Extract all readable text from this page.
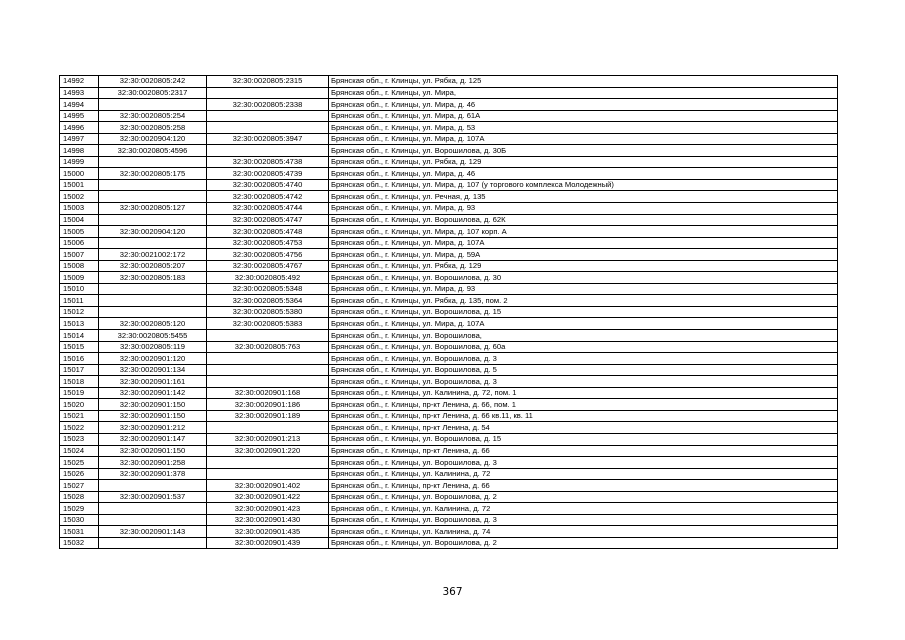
14992	32:30:0020805:242	32:30:0020805:2315	Брянская обл., г. Клинцы, ул. Рябка, д. 125
14993	32:30:0020805:2317		Брянская обл., г. Клинцы, ул. Мира,
14994		32:30:0020805:2338	Брянская обл., г. Клинцы, ул. Мира, д. 46
14995	32:30:0020805:254		Брянская обл., г. Клинцы, ул. Мира, д. 61А
14996	32:30:0020805:258		Брянская обл., г. Клинцы, ул. Мира, д. 53
14997	32:30:0020904:120	32:30:0020805:3947	Брянская обл., г. Клинцы, ул. Мира, д. 107А
14998	32:30:0020805:4596		Брянская обл., г. Клинцы, ул. Ворошилова, д. 30Б
14999		32:30:0020805:4738	Брянская обл., г. Клинцы, ул. Рябка, д. 129
15000	32:30:0020805:175	32:30:0020805:4739	Брянская обл., г. Клинцы, ул. Мира, д. 46
15001		32:30:0020805:4740	Брянская обл., г. Клинцы, ул. Мира, д. 107 (у торгового комплекса Молодежный)
15002		32:30:0020805:4742	Брянская обл., г. Клинцы, ул. Речная, д. 135
15003	32:30:0020805:127	32:30:0020805:4744	Брянская обл., г. Клинцы, ул. Мира, д. 93
15004		32:30:0020805:4747	Брянская обл., г. Клинцы, ул. Ворошилова, д. 62К
15005	32:30:0020904:120	32:30:0020805:4748	Брянская обл., г. Клинцы, ул. Мира, д. 107 корп. А
15006		32:30:0020805:4753	Брянская обл., г. Клинцы, ул. Мира, д. 107А
15007	32:30:0021002:172	32:30:0020805:4756	Брянская обл., г. Клинцы, ул. Мира, д. 59А
15008	32:30:0020805:207	32:30:0020805:4767	Брянская обл., г. Клинцы, ул. Рябка, д. 129
15009	32:30:0020805:183	32:30:0020805:492	Брянская обл., г. Клинцы, ул. Ворошилова, д. 30
15010		32:30:0020805:5348	Брянская обл., г. Клинцы, ул. Мира, д. 93
15011		32:30:0020805:5364	Брянская обл., г. Клинцы, ул. Рябка, д. 135, пом. 2
15012		32:30:0020805:5380	Брянская обл., г. Клинцы, ул. Ворошилова, д. 15
15013	32:30:0020805:120	32:30:0020805:5383	Брянская обл., г. Клинцы, ул. Мира, д. 107А
15014	32:30:0020805:5455		Брянская обл., г. Клинцы, ул. Ворошилова,
15015	32:30:0020805:119	32:30:0020805:763	Брянская обл., г. Клинцы, ул. Ворошилова, д. 60а
15016	32:30:0020901:120		Брянская обл., г. Клинцы, ул. Ворошилова, д. 3
15017	32:30:0020901:134		Брянская обл., г. Клинцы, ул. Ворошилова, д. 5
15018	32:30:0020901:161		Брянская обл., г. Клинцы, ул. Ворошилова, д. 3
15019	32:30:0020901:142	32:30:0020901:168	Брянская обл., г. Клинцы, ул. Калинина, д. 72, пом. 1
15020	32:30:0020901:150	32:30:0020901:186	Брянская обл., г. Клинцы, пр-кт Ленина, д. 66, пом. 1
15021	32:30:0020901:150	32:30:0020901:189	Брянская обл., г. Клинцы, пр-кт Ленина, д. 66 кв.11, кв. 11
15022	32:30:0020901:212		Брянская обл., г. Клинцы, пр-кт Ленина, д. 54
15023	32:30:0020901:147	32:30:0020901:213	Брянская обл., г. Клинцы, ул. Ворошилова, д. 15
15024	32:30:0020901:150	32:30:0020901:220	Брянская обл., г. Клинцы, пр-кт Ленина, д. 66
15025	32:30:0020901:258		Брянская обл., г. Клинцы, ул. Ворошилова, д. 3
15026	32:30:0020901:378		Брянская обл., г. Клинцы, ул. Калинина, д. 72
15027		32:30:0020901:402	Брянская обл., г. Клинцы, пр-кт Ленина, д. 66
15028	32:30:0020901:537	32:30:0020901:422	Брянская обл., г. Клинцы, ул. Ворошилова, д. 2
15029		32:30:0020901:423	Брянская обл., г. Клинцы, ул. Калинина, д. 72
15030		32:30:0020901:430	Брянская обл., г. Клинцы, ул. Ворошилова, д. 3
15031	32:30:0020901:143	32:30:0020901:435	Брянская обл., г. Клинцы, ул. Калинина, д. 74
15032		32:30:0020901:439	Брянская обл., г. Клинцы, ул. Ворошилова, д. 2
367
